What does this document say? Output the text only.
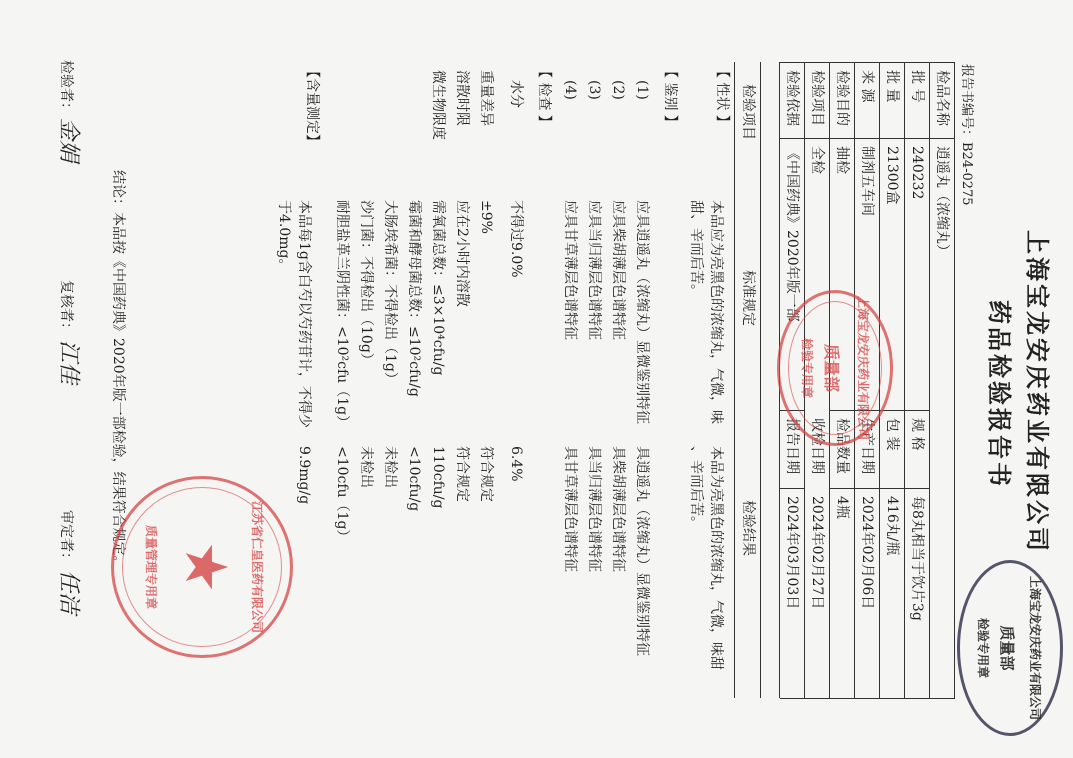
上海宝龙安庆药业有限公司
药品检验报告书
报告书编号：B24-0275
检品名称
逍遥丸（浓缩丸）
批 号
240232
规 格
每8丸相当于饮片3g
批 量
21300盒
包 装
416丸/瓶
来 源
制剂五车间
生产日期
2024年02月06日
检验目的
抽检
检品数量
4瓶
检验项目
全检
收检日期
2024年02月27日
检验依据
《中国药典》2020年版一部
报告日期
2024年03月03日
检验项目
标准规定
检验结果
【 性状 】
本品应为亮黑色的浓缩丸，气微，味
甜、辛而后苦。
本品为亮黑色的浓缩丸，气微，味甜
、辛而后苦。
【 鉴别 】
(1)
应具逍遥丸（浓缩丸）显微鉴别特征
具逍遥丸（浓缩丸）显微鉴别特征
(2)
应具柴胡薄层色谱特征
具柴胡薄层色谱特征
(3)
应具当归薄层色谱特征
具当归薄层色谱特征
(4)
应具甘草薄层色谱特征
具甘草薄层色谱特征
【 检查 】
水分
不得过9.0%
6.4%
重量差异
±9%
符合规定
溶散时限
应在2小时内溶散
符合规定
微生物限度
需氧菌总数：≤3×10⁴cfu/g
110cfu/g
霉菌和酵母菌总数：≤10²cfu/g
<10cfu/g
大肠埃希菌：不得检出（1g）
未检出
沙门菌：不得检出（10g）
未检出
耐胆盐革兰阴性菌：<10²cfu（1g）
<10cfu（1g）
【含量测定】
本品每1g含白芍以芍药苷计，不得少
于4.0mg。
9.9mg/g
结论：本品按《中国药典》2020年版一部检验，结果符合规定。
检验者：
金娟
复核者：
江佳
审定者：
任洁
上海宝龙安庆药业有限公司
质量部
检验专用章
上海宝龙安庆药业有限公司
质量部
检验专用章
江苏省仁皇医药有限公司
★
质量管理专用章
